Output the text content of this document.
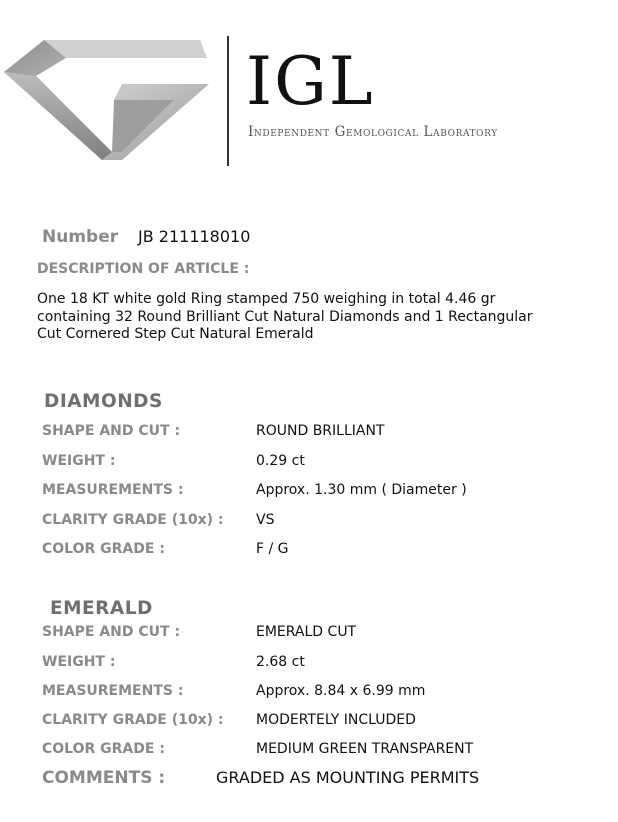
IGL
Independent Gemological Laboratory
Number JB 211118010
DESCRIPTION OF ARTICLE :
One 18 KT white gold Ring stamped 750 weighing in total 4.46 gr
containing 32 Round Brilliant Cut Natural Diamonds and 1 Rectangular
Cut Cornered Step Cut Natural Emerald
DIAMONDS
SHAPE AND CUT :	ROUND BRILLIANT
WEIGHT :	0.29 ct
MEASUREMENTS :	Approx. 1.30 mm ( Diameter )
CLARITY GRADE (10x) : VS
COLOR GRADE :	F / G
EMERALD
SHAPE AND CUT :	EMERALD CUT
WEIGHT :	2.68 ct
MEASUREMENTS :	Approx. 8.84 x 6.99 mm
CLARITY GRADE (10x) : MODERTELY INCLUDED
COLOR GRADE :	MEDIUM GREEN TRANSPARENT
COMMENTS :	GRADED AS MOUNTING PERMITS
